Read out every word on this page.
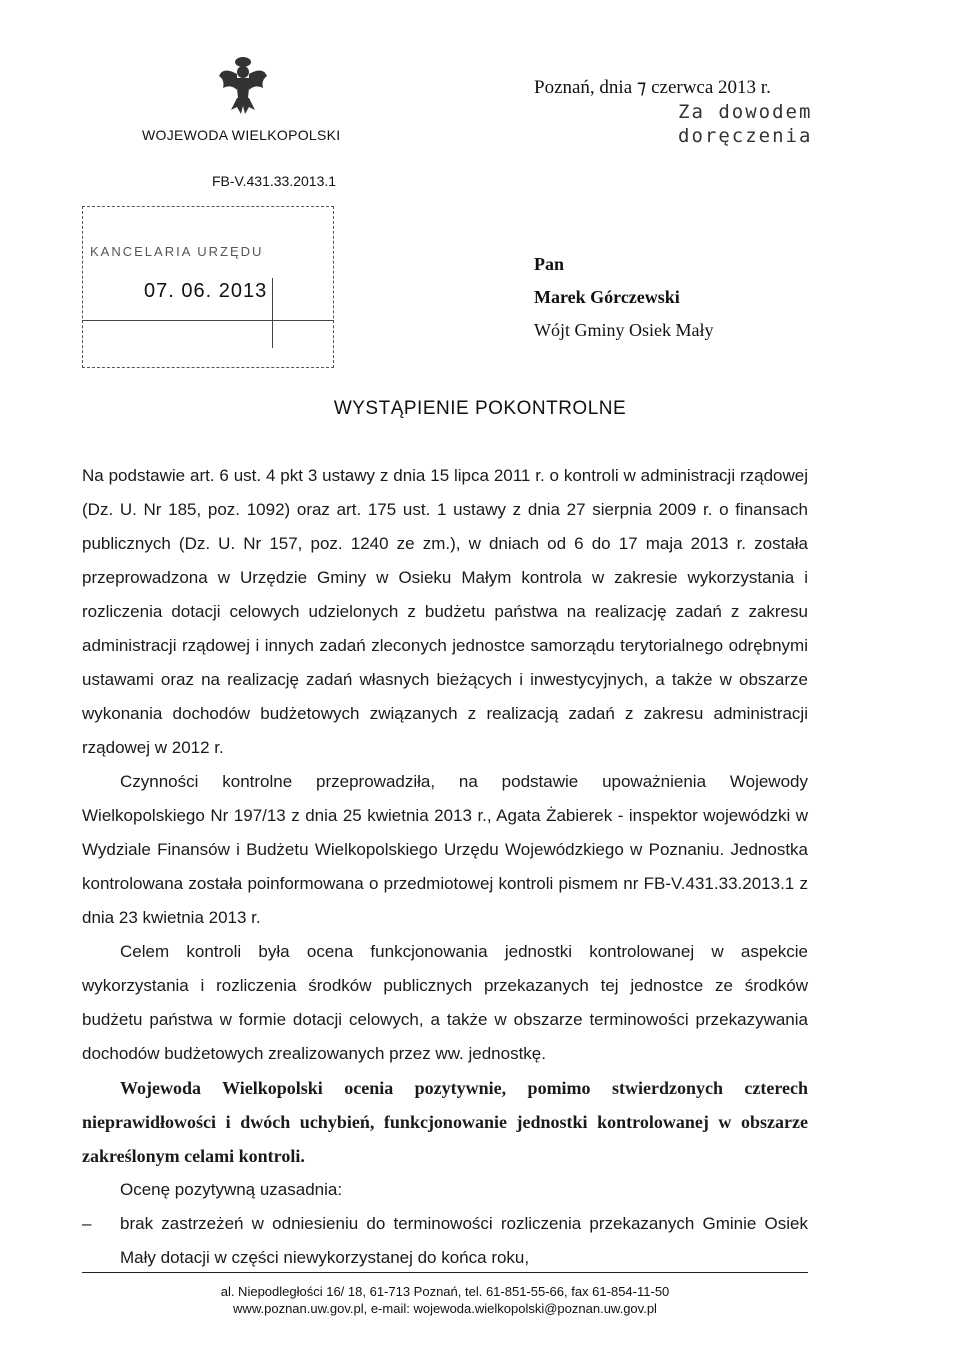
WOJEWODA WIELKOPOLSKI
FB-V.431.33.2013.1
Poznań, dnia ⁊ czerwca 2013 r.
Za dowodem
doręczenia
KANCELARIA URZĘDU
07. 06. 2013
Pan
Marek Górczewski
Wójt Gminy Osiek Mały
WYSTĄPIENIE POKONTROLNE

Na podstawie art. 6 ust. 4 pkt 3 ustawy z dnia 15 lipca 2011 r. o kontroli w administracji rządowej (Dz. U. Nr 185, poz. 1092) oraz art. 175 ust. 1 ustawy z dnia 27 sierpnia 2009 r. o finansach publicznych (Dz. U. Nr 157, poz. 1240 ze zm.), w dniach od 6 do 17 maja 2013 r. została przeprowadzona w Urzędzie Gminy w Osieku Małym kontrola w zakresie wykorzystania i rozliczenia dotacji celowych udzielonych z budżetu państwa na realizację zadań z zakresu administracji rządowej i innych zadań zleconych jednostce samorządu terytorialnego odrębnymi ustawami oraz na realizację zadań własnych bieżących i inwestycyjnych, a także w obszarze wykonania dochodów budżetowych związanych z realizacją zadań z zakresu administracji rządowej w 2012 r.

Czynności kontrolne przeprowadziła, na podstawie upoważnienia Wojewody Wielkopolskiego Nr 197/13 z dnia 25 kwietnia 2013 r., Agata Żabierek - inspektor wojewódzki w Wydziale Finansów i Budżetu Wielkopolskiego Urzędu Wojewódzkiego w Poznaniu. Jednostka kontrolowana została poinformowana o przedmiotowej kontroli pismem nr FB-V.431.33.2013.1 z dnia 23 kwietnia 2013 r.

Celem kontroli była ocena funkcjonowania jednostki kontrolowanej w aspekcie wykorzystania i rozliczenia środków publicznych przekazanych tej jednostce ze środków budżetu państwa w formie dotacji celowych, a także w obszarze terminowości przekazywania dochodów budżetowych zrealizowanych przez ww. jednostkę.

Wojewoda Wielkopolski ocenia pozytywnie, pomimo stwierdzonych czterech nieprawidłowości i dwóch uchybień, funkcjonowanie jednostki kontrolowanej w obszarze zakreślonym celami kontroli.

Ocenę pozytywną uzasadnia:

–	brak zastrzeżeń w odniesieniu do terminowości rozliczenia przekazanych Gminie Osiek Mały dotacji w części niewykorzystanej do końca roku,

al. Niepodległości 16/ 18, 61-713 Poznań, tel. 61-851-55-66, fax 61-854-11-50
www.poznan.uw.gov.pl, e-mail: wojewoda.wielkopolski@poznan.uw.gov.pl
